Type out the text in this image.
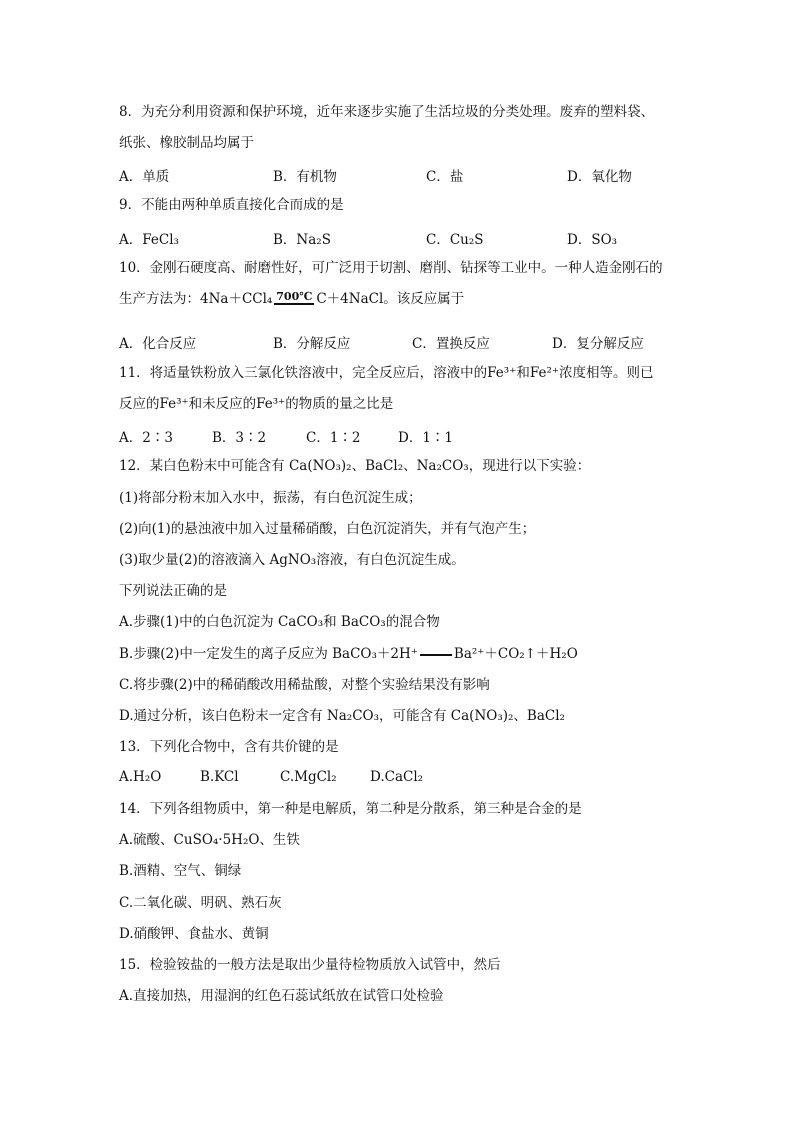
8．为充分利用资源和保护环境，近年来逐步实施了生活垃圾的分类处理。废弃的塑料袋、
纸张、橡胶制品均属于
A．单质	B．有机物	C．盐	D．氧化物
9．不能由两种单质直接化合而成的是
A．FeCl₃	B．Na₂S	C．Cu₂S	D．SO₃
10．金刚石硬度高、耐磨性好，可广泛用于切割、磨削、钻探等工业中。一种人造金刚石的
生产方法为：4Na＋CCl₄ 700℃ C＋4NaCl。该反应属于
A．化合反应	B．分解反应	C．置换反应	D．复分解反应
11．将适量铁粉放入三氯化铁溶液中，完全反应后，溶液中的Fe³⁺和Fe²⁺浓度相等。则已
反应的Fe³⁺和未反应的Fe³⁺的物质的量之比是
A．2∶3	B．3∶2	C．1∶2	D．1∶1
12．某白色粉末中可能含有 Ca(NO₃)₂、BaCl₂、Na₂CO₃，现进行以下实验：
(1)将部分粉末加入水中，振荡，有白色沉淀生成；
(2)向(1)的悬浊液中加入过量稀硝酸，白色沉淀消失，并有气泡产生；
(3)取少量(2)的溶液滴入 AgNO₃溶液，有白色沉淀生成。
下列说法正确的是
A.步骤(1)中的白色沉淀为 CaCO₃和 BaCO₃的混合物
B.步骤(2)中一定发生的离子反应为 BaCO₃＋2H⁺	Ba²⁺＋CO₂↑＋H₂O
C.将步骤(2)中的稀硝酸改用稀盐酸，对整个实验结果没有影响
D.通过分析，该白色粉末一定含有 Na₂CO₃，可能含有 Ca(NO₃)₂、BaCl₂
13．下列化合物中，含有共价键的是
A.H₂O	B.KCl	C.MgCl₂ D.CaCl₂
14．下列各组物质中，第一种是电解质，第二种是分散系，第三种是合金的是
A.硫酸、CuSO₄·5H₂O、生铁
B.酒精、空气、铜绿
C.二氧化碳、明矾、熟石灰
D.硝酸钾、食盐水、黄铜
15．检验铵盐的一般方法是取出少量待检物质放入试管中，然后
A.直接加热，用湿润的红色石蕊试纸放在试管口处检验
